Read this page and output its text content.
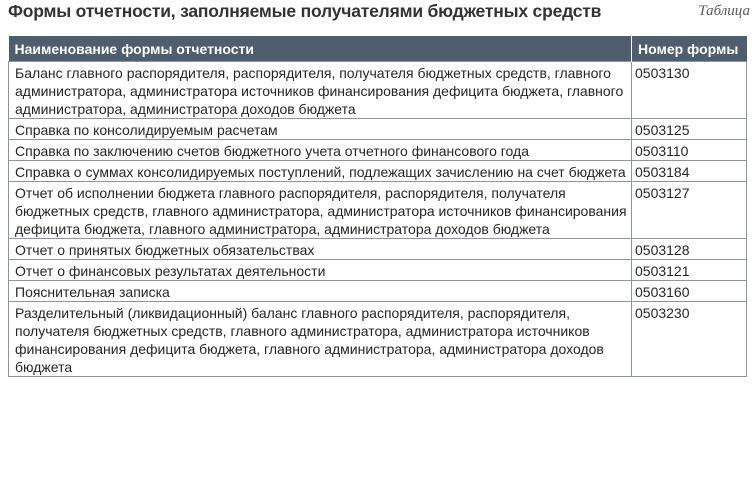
Формы отчетности, заполняемые получателями бюджетных средств	Таблица
Наименование формы отчетности	Номер формы
Баланс главного распорядителя, распорядителя, получателя бюджетных средств, главного администратора, администратора источников финансирования дефицита бюджета, главного администратора, администратора доходов бюджета	0503130
Справка по консолидируемым расчетам	0503125
Справка по заключению счетов бюджетного учета отчетного финансового года	0503110
Справка о суммах консолидируемых поступлений, подлежащих зачислению на счет бюджета	0503184
Отчет об исполнении бюджета главного распорядителя, распорядителя, получателя бюджетных средств, главного администратора, администратора источников финансирования дефицита бюджета, главного администратора, администратора доходов бюджета	0503127
Отчет о принятых бюджетных обязательствах	0503128
Отчет о финансовых результатах деятельности	0503121
Пояснительная записка	0503160
Разделительный (ликвидационный) баланс главного распорядителя, распорядителя, получателя бюджетных средств, главного администратора, администратора источников финансирования дефицита бюджета, главного администратора, администратора доходов бюджета	0503230
